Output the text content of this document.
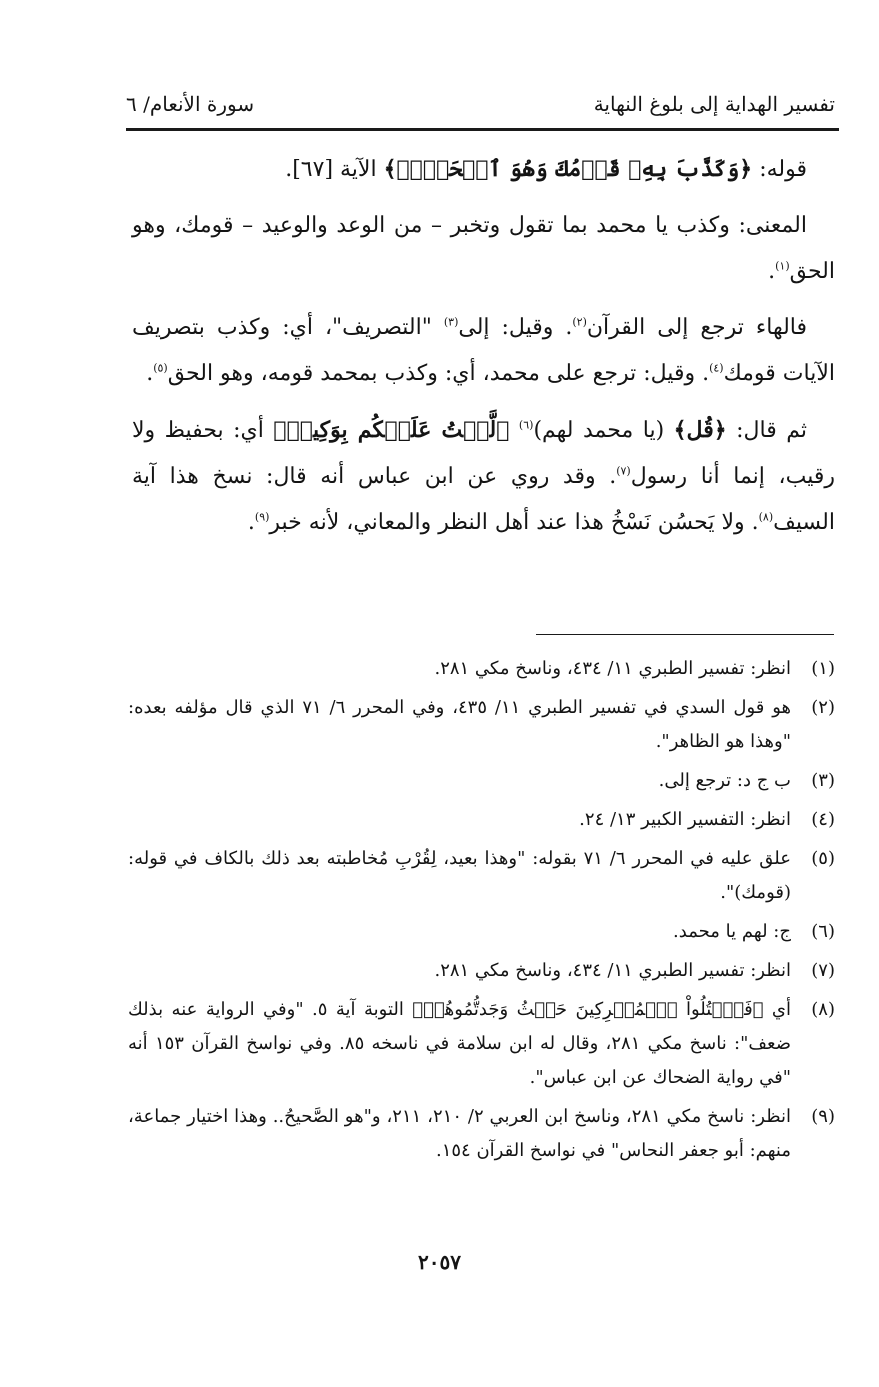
تفسير الهداية إلى بلوغ النهاية
سورة الأنعام/ ٦

قوله: ﴿وَكَذَّبَ بِهِۦ قَوۡمُكَ وَهُوَ ٱلۡحَقُّۚ﴾ الآية [٦٧].

المعنى: وكذب يا محمد بما تقول وتخبر – من الوعد والوعيد – قومك، وهو الحق$^{(١)}$.

فالهاء ترجع إلى القرآن$^{(٢)}$. وقيل: إلى$^{(٣)}$ "التصريف"، أي: وكذب بتصريف الآيات قومك$^{(٤)}$. وقيل: ترجع على محمد، أي: وكذب بمحمد قومه، وهو الحق$^{(٥)}$.

ثم قال: ﴿قُل﴾ (يا محمد لهم)$^{(٦)}$ ﴿لَّسۡتُ عَلَيۡكُم بِوَكِيلٖ﴾ أي: بحفيظ ولا رقيب، إنما أنا رسول$^{(٧)}$. وقد روي عن ابن عباس أنه قال: نسخ هذا آية السيف$^{(٨)}$. ولا يَحسُن نَسْخُ هذا عند أهل النظر والمعاني، لأنه خبر$^{(٩)}$.

(١)
انظر: تفسير الطبري ١١/ ٤٣٤، وناسخ مكي ٢٨١.
(٢)
هو قول السدي في تفسير الطبري ١١/ ٤٣٥، وفي المحرر ٦/ ٧١ الذي قال مؤلفه بعده: "وهذا هو الظاهر".
(٣)
ب ج د: ترجع إلى.
(٤)
انظر: التفسير الكبير ١٣/ ٢٤.
(٥)
علق عليه في المحرر ٦/ ٧١ بقوله: "وهذا بعيد، لِقُرْبِ مُخاطبته بعد ذلك بالكاف في قوله: (قومك)".
(٦)
ج: لهم يا محمد.
(٧)
انظر: تفسير الطبري ١١/ ٤٣٤، وناسخ مكي ٢٨١.
(٨)
أي ﴿فَٱقۡتُلُواْ ٱلۡمُشۡرِكِينَ حَيۡثُ وَجَدتُّمُوهُمۡ﴾ التوبة آية ٥. "وفي الرواية عنه بذلك ضعف": ناسخ مكي ٢٨١، وقال له ابن سلامة في ناسخه ٨٥. وفي نواسخ القرآن ١٥٣ أنه "في رواية الضحاك عن ابن عباس".
(٩)
انظر: ناسخ مكي ٢٨١، وناسخ ابن العربي ٢/ ٢١٠، ٢١١، و"هو الصَّحيحُ.. وهذا اختيار جماعة، منهم: أبو جعفر النحاس" في نواسخ القرآن ١٥٤.
٢٠٥٧
